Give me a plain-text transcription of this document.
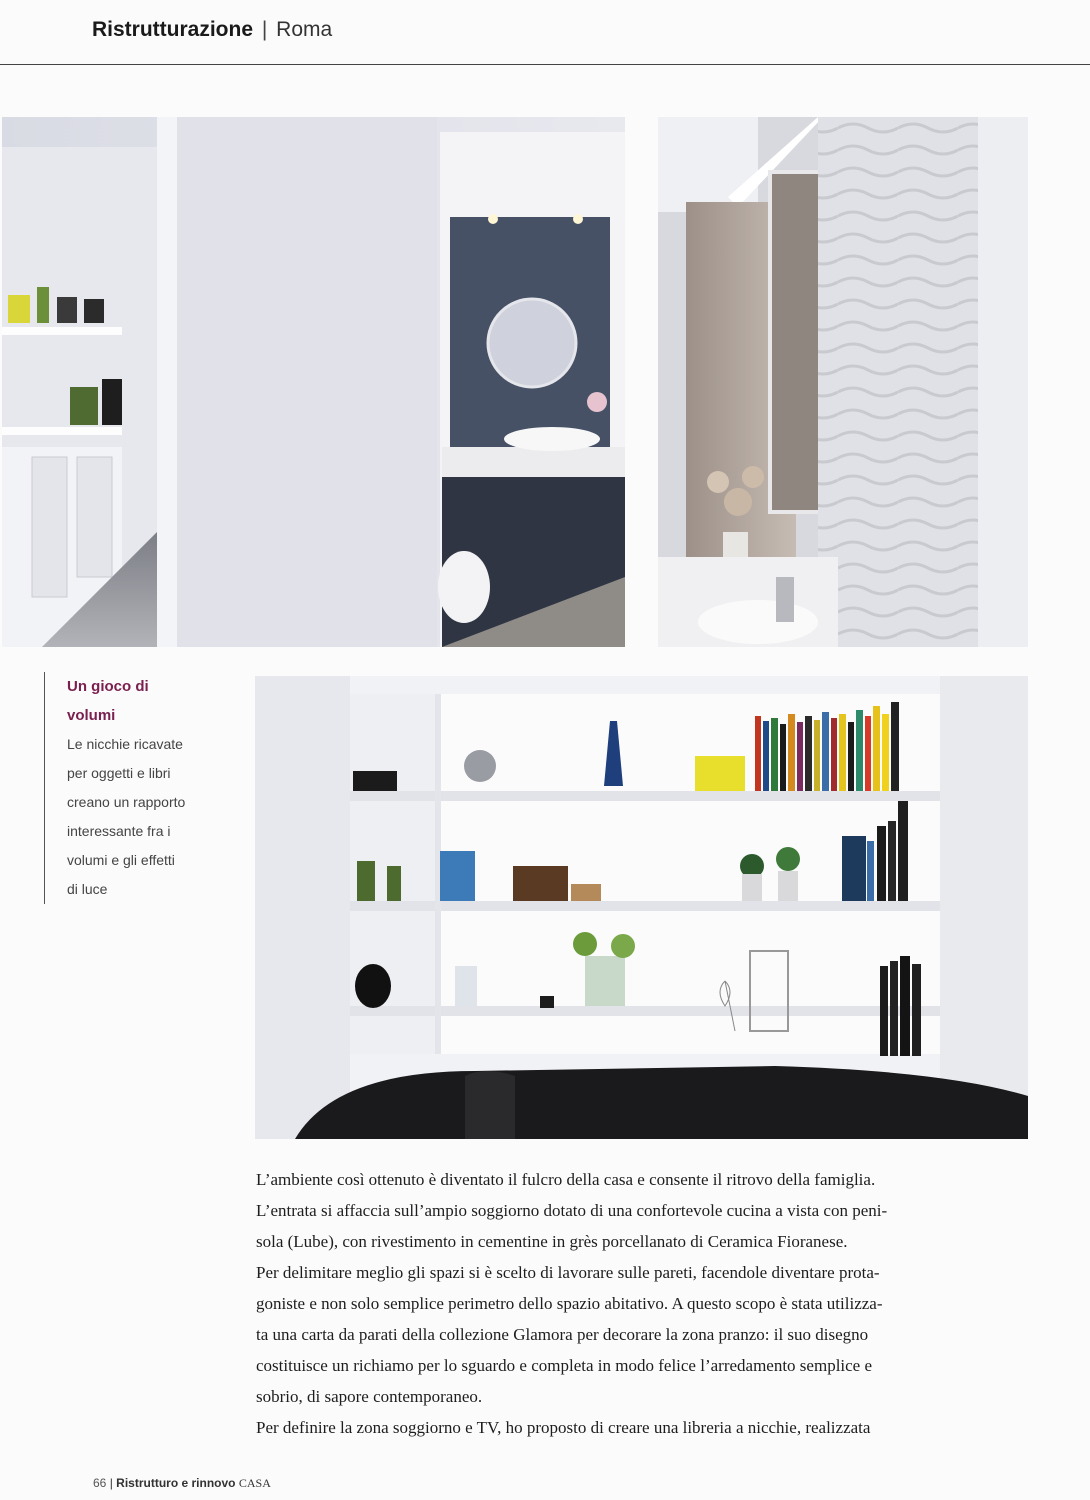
Ristrutturazione | Roma

Un gioco di
volumi

Le nicchie ricavate
per oggetti e libri
creano un rapporto
interessante fra i
volumi e gli effetti
di luce

L’ambiente così ottenuto è diventato il fulcro della casa e consente il ritrovo della famiglia.
L’entrata si affaccia sull’ampio soggiorno dotato di una confortevole cucina a vista con peni-
sola (Lube), con rivestimento in cementine in grès porcellanato di Ceramica Fioranese.
Per delimitare meglio gli spazi si è scelto di lavorare sulle pareti, facendole diventare prota-
goniste e non solo semplice perimetro dello spazio abitativo. A questo scopo è stata utilizza-
ta una carta da parati della collezione Glamora per decorare la zona pranzo: il suo disegno
costituisce un richiamo per lo sguardo e completa in modo felice l’arredamento semplice e
sobrio, di sapore contemporaneo.
Per definire la zona soggiorno e TV, ho proposto di creare una libreria a nicchie, realizzata
66 | Ristrutturo e rinnovo CASA
